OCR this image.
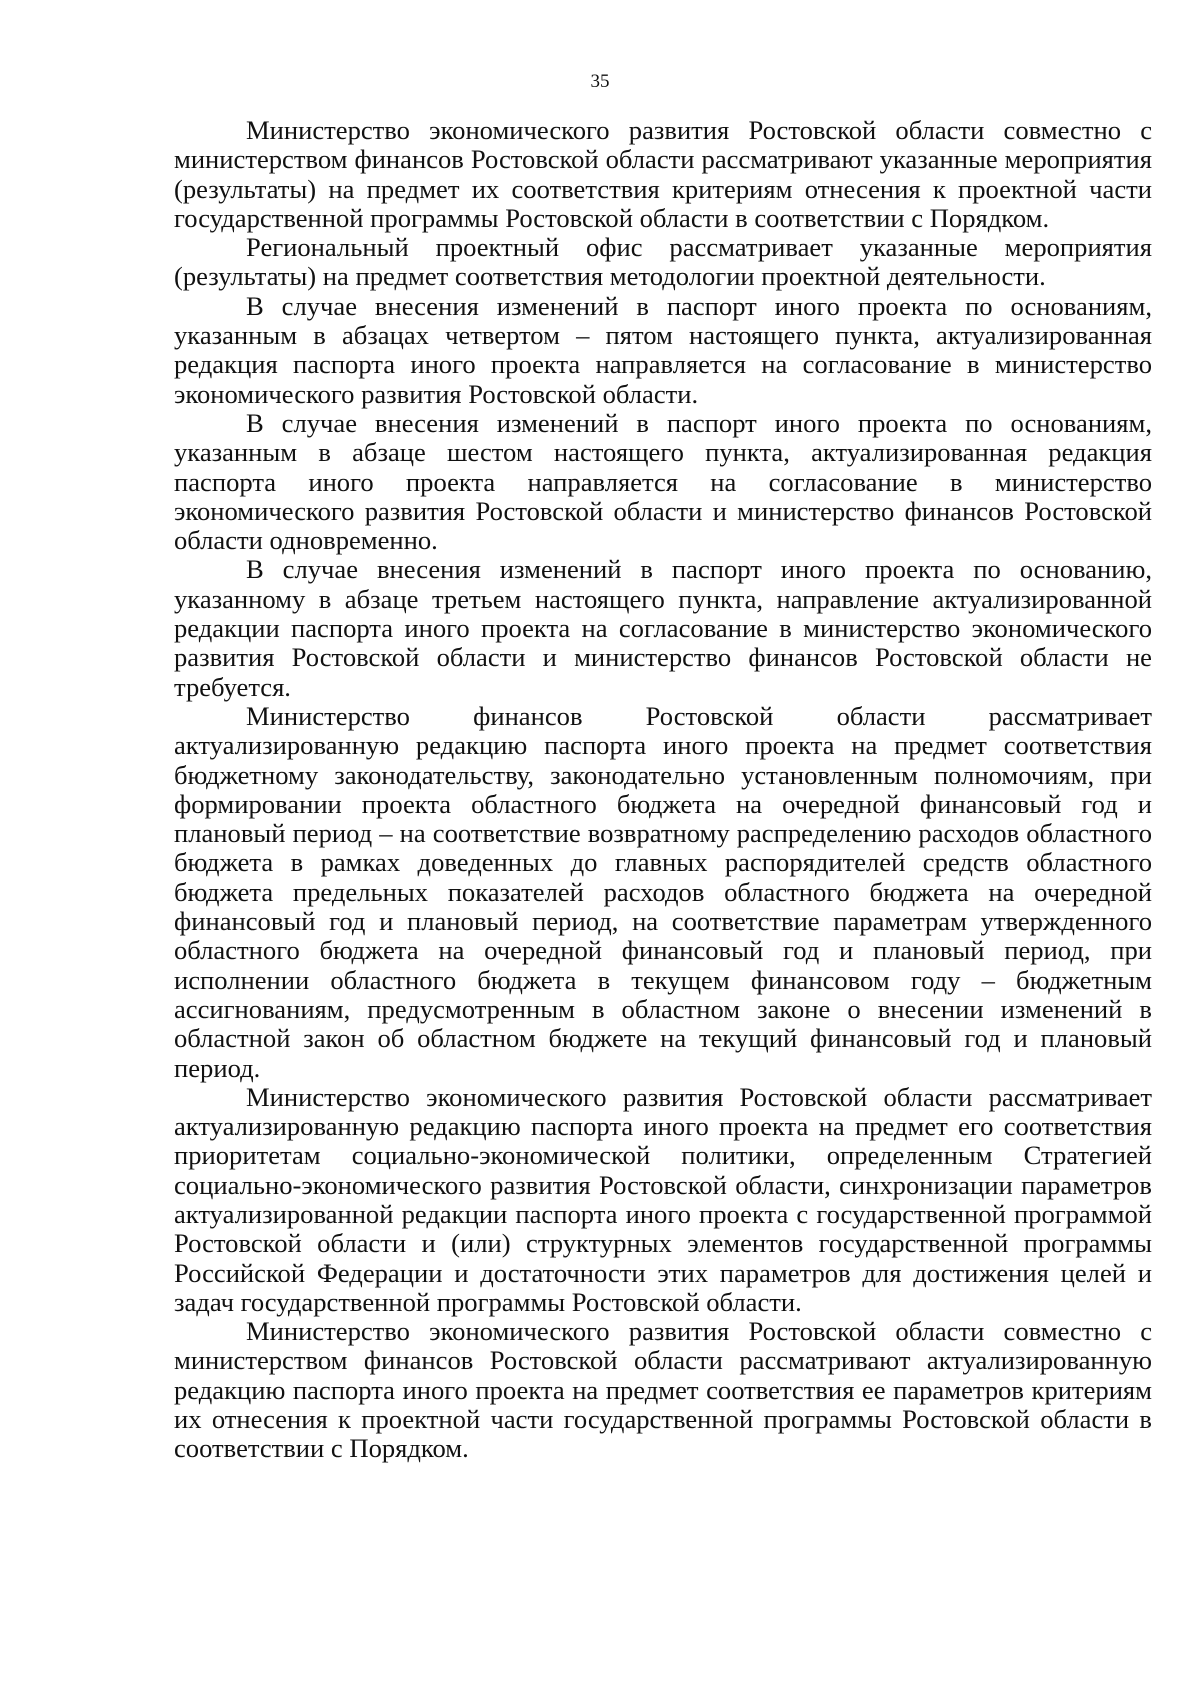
35

Министерство экономического развития Ростовской области совместно с министерством финансов Ростовской области рассматривают указанные мероприятия (результаты) на предмет их соответствия критериям отнесения к проектной части государственной программы Ростовской области в соответствии с Порядком.

Региональный проектный офис рассматривает указанные мероприятия (результаты) на предмет соответствия методологии проектной деятельности.

В случае внесения изменений в паспорт иного проекта по основаниям, указанным в абзацах четвертом – пятом настоящего пункта, актуализированная редакция паспорта иного проекта направляется на согласование в министерство экономического развития Ростовской области.

В случае внесения изменений в паспорт иного проекта по основаниям, указанным в абзаце шестом настоящего пункта, актуализированная редакция паспорта иного проекта направляется на согласование в министерство экономического развития Ростовской области и министерство финансов Ростовской области одновременно.

В случае внесения изменений в паспорт иного проекта по основанию, указанному в абзаце третьем настоящего пункта, направление актуализированной редакции паспорта иного проекта на согласование в министерство экономического развития Ростовской области и министерство финансов Ростовской области не требуется.

Министерство финансов Ростовской области рассматривает актуализированную редакцию паспорта иного проекта на предмет соответствия бюджетному законодательству, законодательно установленным полномочиям, при формировании проекта областного бюджета на очередной финансовый год и плановый период – на соответствие возвратному распределению расходов областного бюджета в рамках доведенных до главных распорядителей средств областного бюджета предельных показателей расходов областного бюджета на очередной финансовый год и плановый период, на соответствие параметрам утвержденного областного бюджета на очередной финансовый год и плановый период, при исполнении областного бюджета в текущем финансовом году – бюджетным ассигнованиям, предусмотренным в областном законе о внесении изменений в областной закон об областном бюджете на текущий финансовый год и плановый период.

Министерство экономического развития Ростовской области рассматривает актуализированную редакцию паспорта иного проекта на предмет его соответствия приоритетам социально-экономической политики, определенным Стратегией социально-экономического развития Ростовской области, синхронизации параметров актуализированной редакции паспорта иного проекта с государственной программой Ростовской области и (или) структурных элементов государственной программы Российской Федерации и достаточности этих параметров для достижения целей и задач государственной программы Ростовской области.

Министерство экономического развития Ростовской области совместно с министерством финансов Ростовской области рассматривают актуализированную редакцию паспорта иного проекта на предмет соответствия ее параметров критериям их отнесения к проектной части государственной программы Ростовской области в соответствии с Порядком.
